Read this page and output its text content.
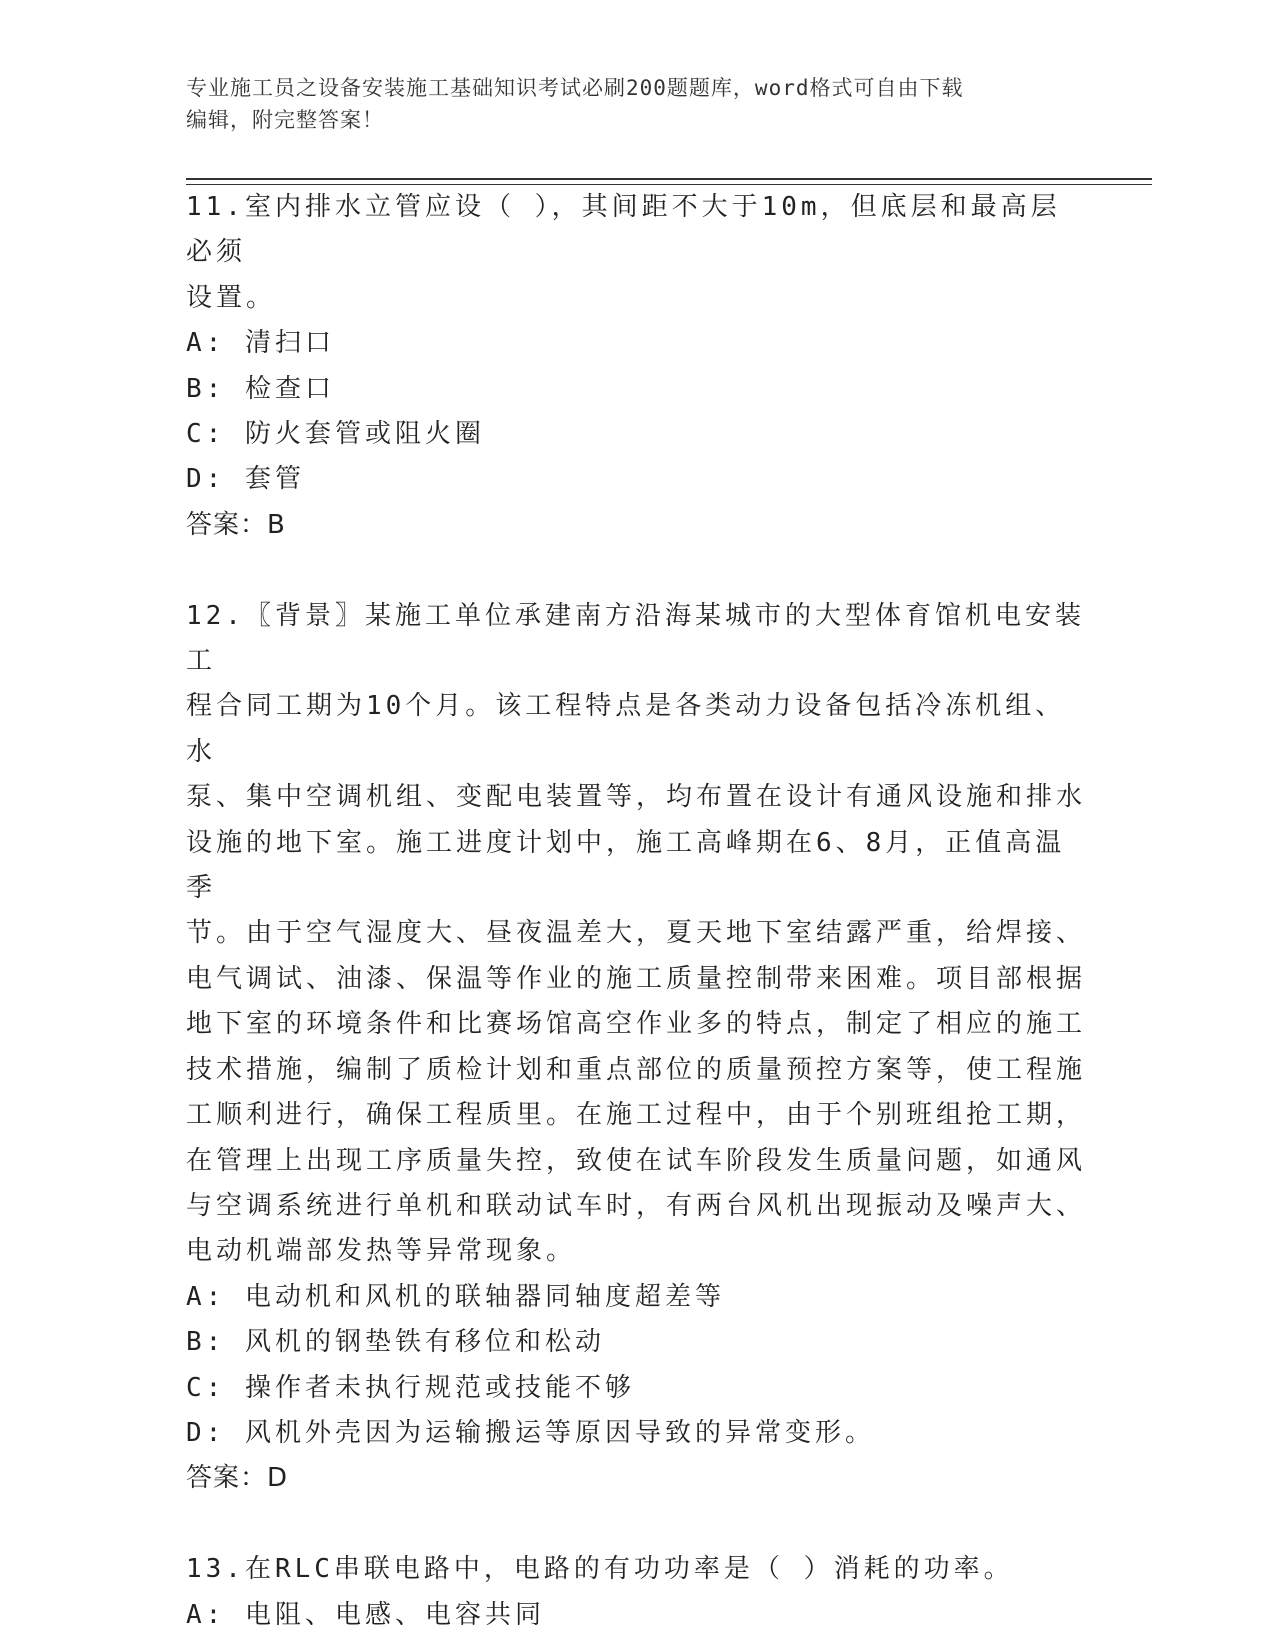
专业施工员之设备安装施工基础知识考试必刷200题题库，word格式可自由下载
编辑，附完整答案！
11.室内排水立管应设（ ），其间距不大于10m，但底层和最高层必须
设置。
A: 清扫口
B: 检查口
C: 防火套管或阻火圈
D: 套管
答案：B
12.〖背景〗某施工单位承建南方沿海某城市的大型体育馆机电安装工
程合同工期为10个月。该工程特点是各类动力设备包括冷冻机组、水
泵、集中空调机组、变配电装置等，均布置在设计有通风设施和排水
设施的地下室。施工进度计划中，施工高峰期在6、8月，正值高温季
节。由于空气湿度大、昼夜温差大，夏天地下室结露严重，给焊接、
电气调试、油漆、保温等作业的施工质量控制带来困难。项目部根据
地下室的环境条件和比赛场馆高空作业多的特点，制定了相应的施工
技术措施，编制了质检计划和重点部位的质量预控方案等，使工程施
工顺利进行，确保工程质里。在施工过程中，由于个别班组抢工期，
在管理上出现工序质量失控，致使在试车阶段发生质量问题，如通风
与空调系统进行单机和联动试车时，有两台风机出现振动及噪声大、
电动机端部发热等异常现象。
A: 电动机和风机的联轴器同轴度超差等
B: 风机的钢垫铁有移位和松动
C: 操作者未执行规范或技能不够
D: 风机外壳因为运输搬运等原因导致的异常变形。
答案：D
13.在RLC串联电路中，电路的有功功率是（ ）消耗的功率。
A: 电阻、电感、电容共同
